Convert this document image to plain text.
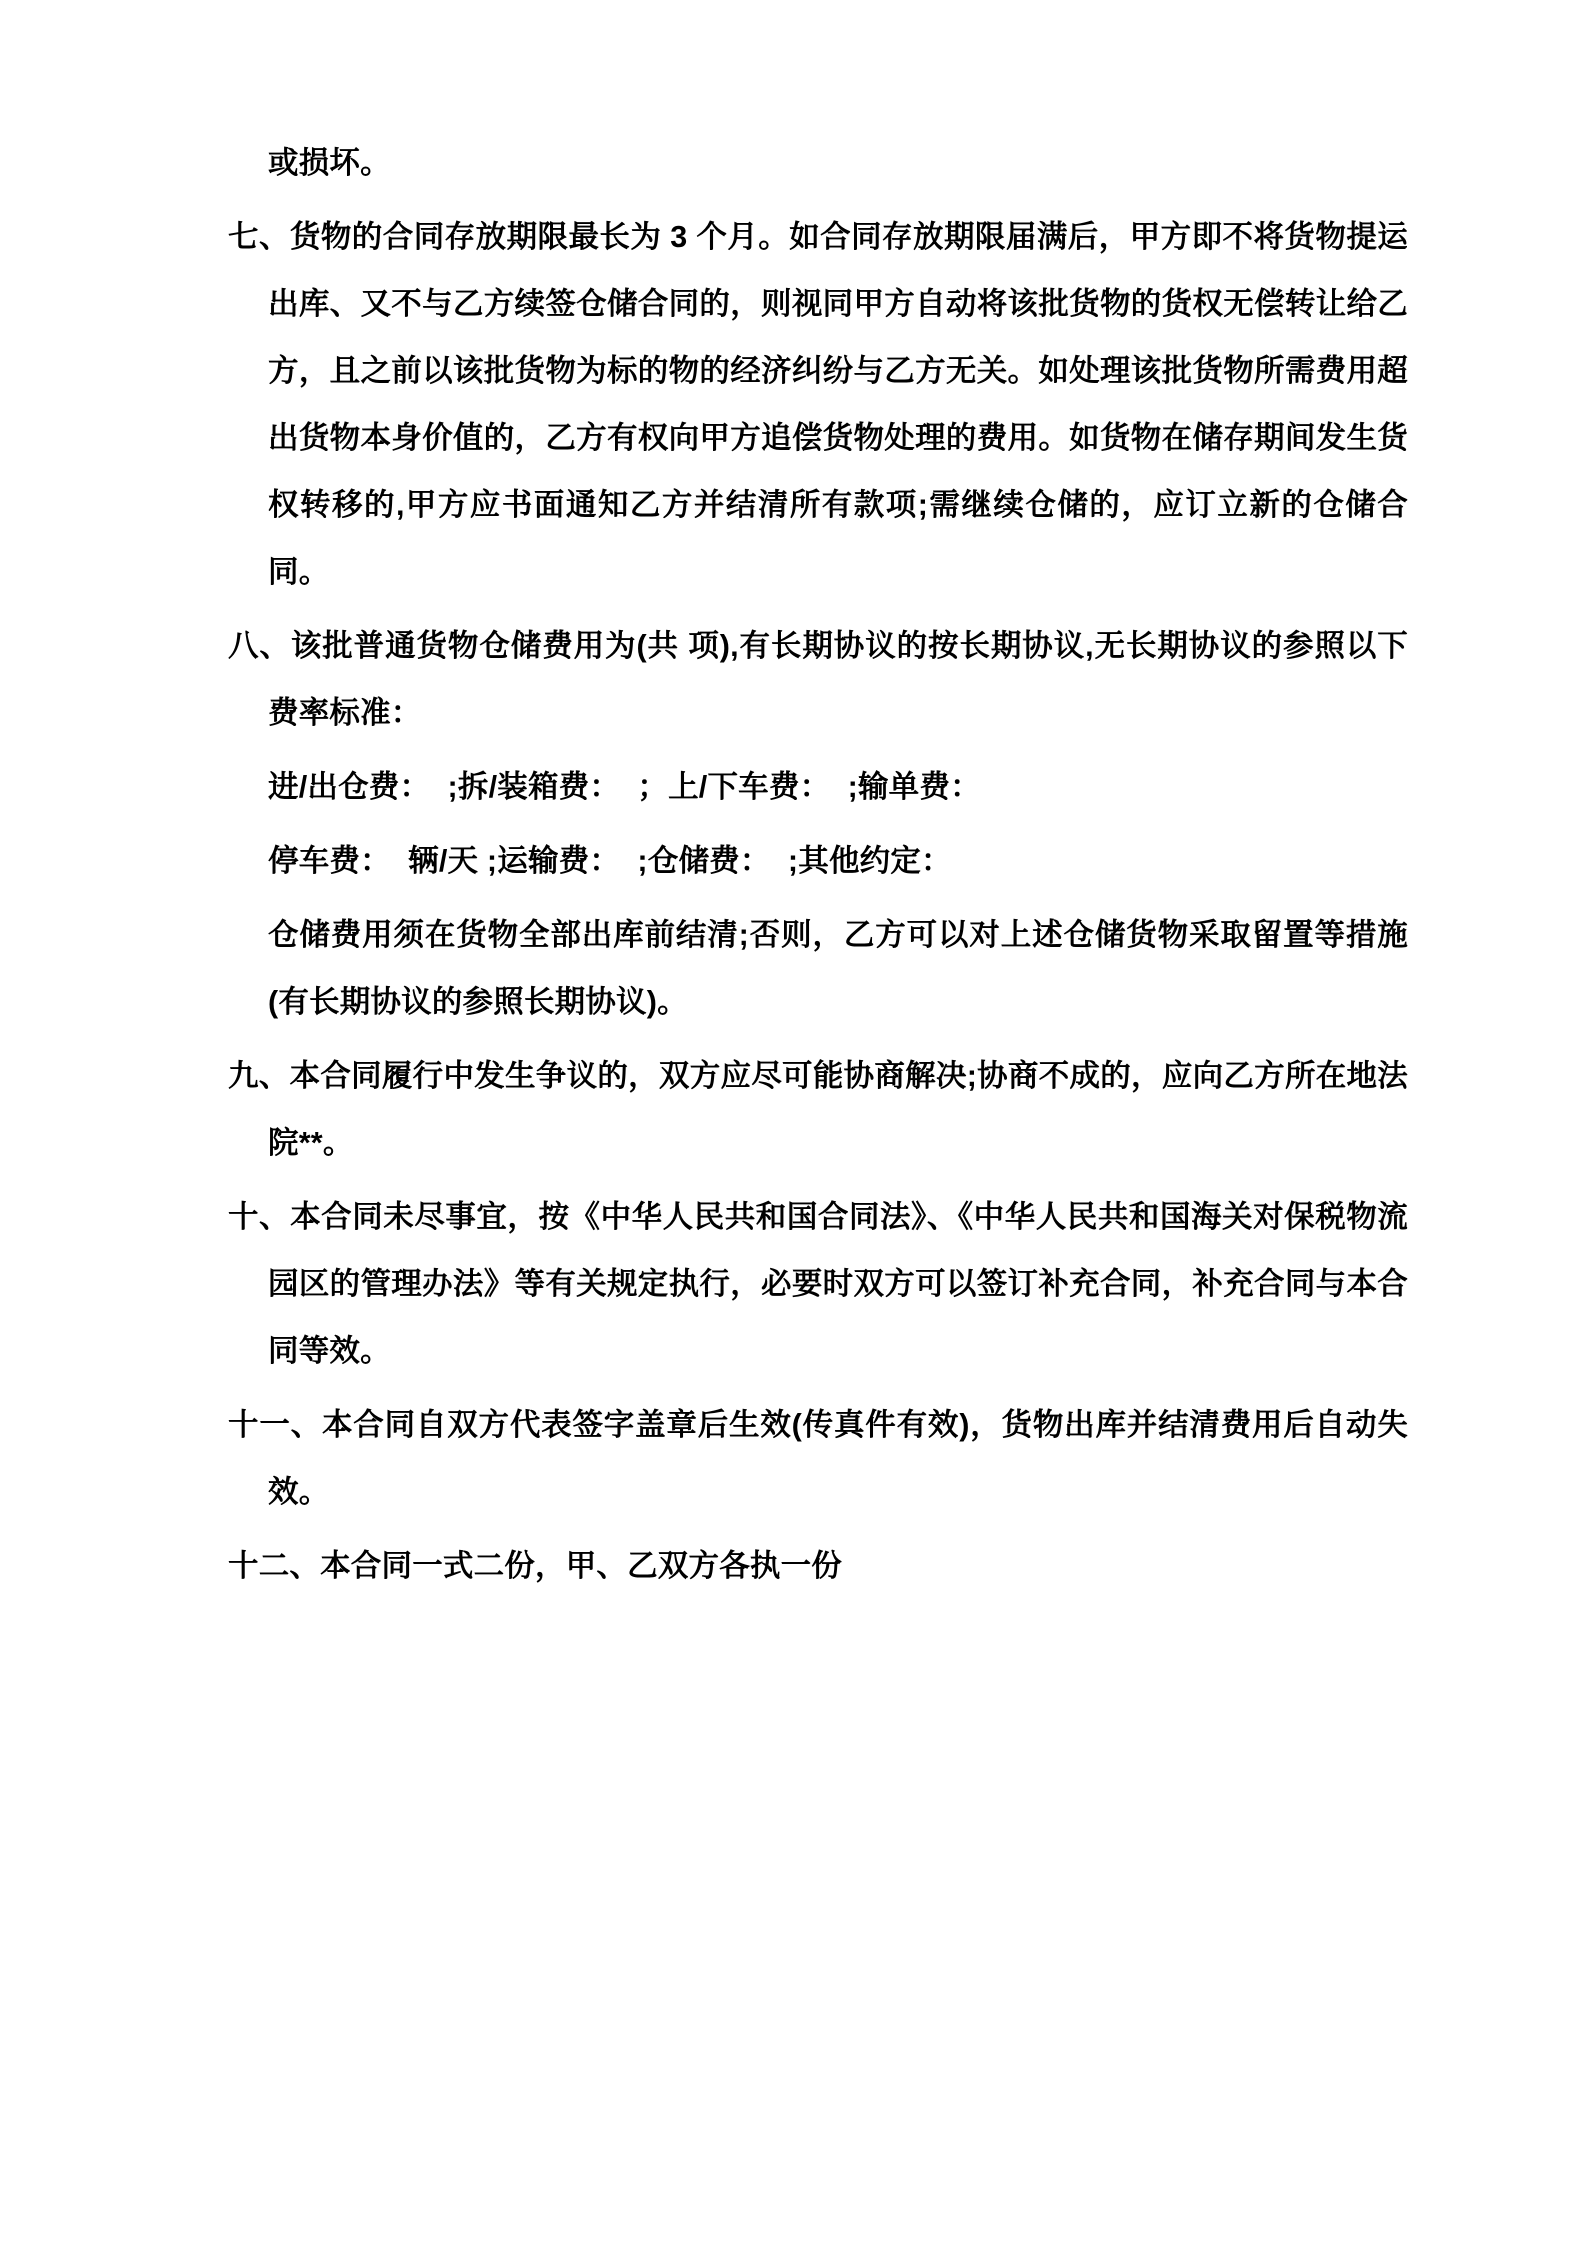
或损坏。

七、货物的合同存放期限最长为 3 个月。如合同存放期限届满后，甲方即不将货物提运出库、又不与乙方续签仓储合同的，则视同甲方自动将该批货物的货权无偿转让给乙方，且之前以该批货物为标的物的经济纠纷与乙方无关。如处理该批货物所需费用超出货物本身价值的，乙方有权向甲方追偿货物处理的费用。如货物在储存期间发生货权转移的,甲方应书面通知乙方并结清所有款项;需继续仓储的，应订立新的仓储合同。

八、该批普通货物仓储费用为(共 项),有长期协议的按长期协议,无长期协议的参照以下费率标准：

进/出仓费：  ;拆/装箱费：  ；上/下车费：  ;输单费：

停车费：  辆/天 ;运输费：  ;仓储费：  ;其他约定：

仓储费用须在货物全部出库前结清;否则，乙方可以对上述仓储货物采取留置等措施(有长期协议的参照长期协议)。

九、本合同履行中发生争议的，双方应尽可能协商解决;协商不成的，应向乙方所在地法院**。

十、本合同未尽事宜，按《中华人民共和国合同法》、《中华人民共和国海关对保税物流园区的管理办法》等有关规定执行，必要时双方可以签订补充合同，补充合同与本合同等效。

十一、本合同自双方代表签字盖章后生效(传真件有效)，货物出库并结清费用后自动失效。

十二、本合同一式二份，甲、乙双方各执一份
